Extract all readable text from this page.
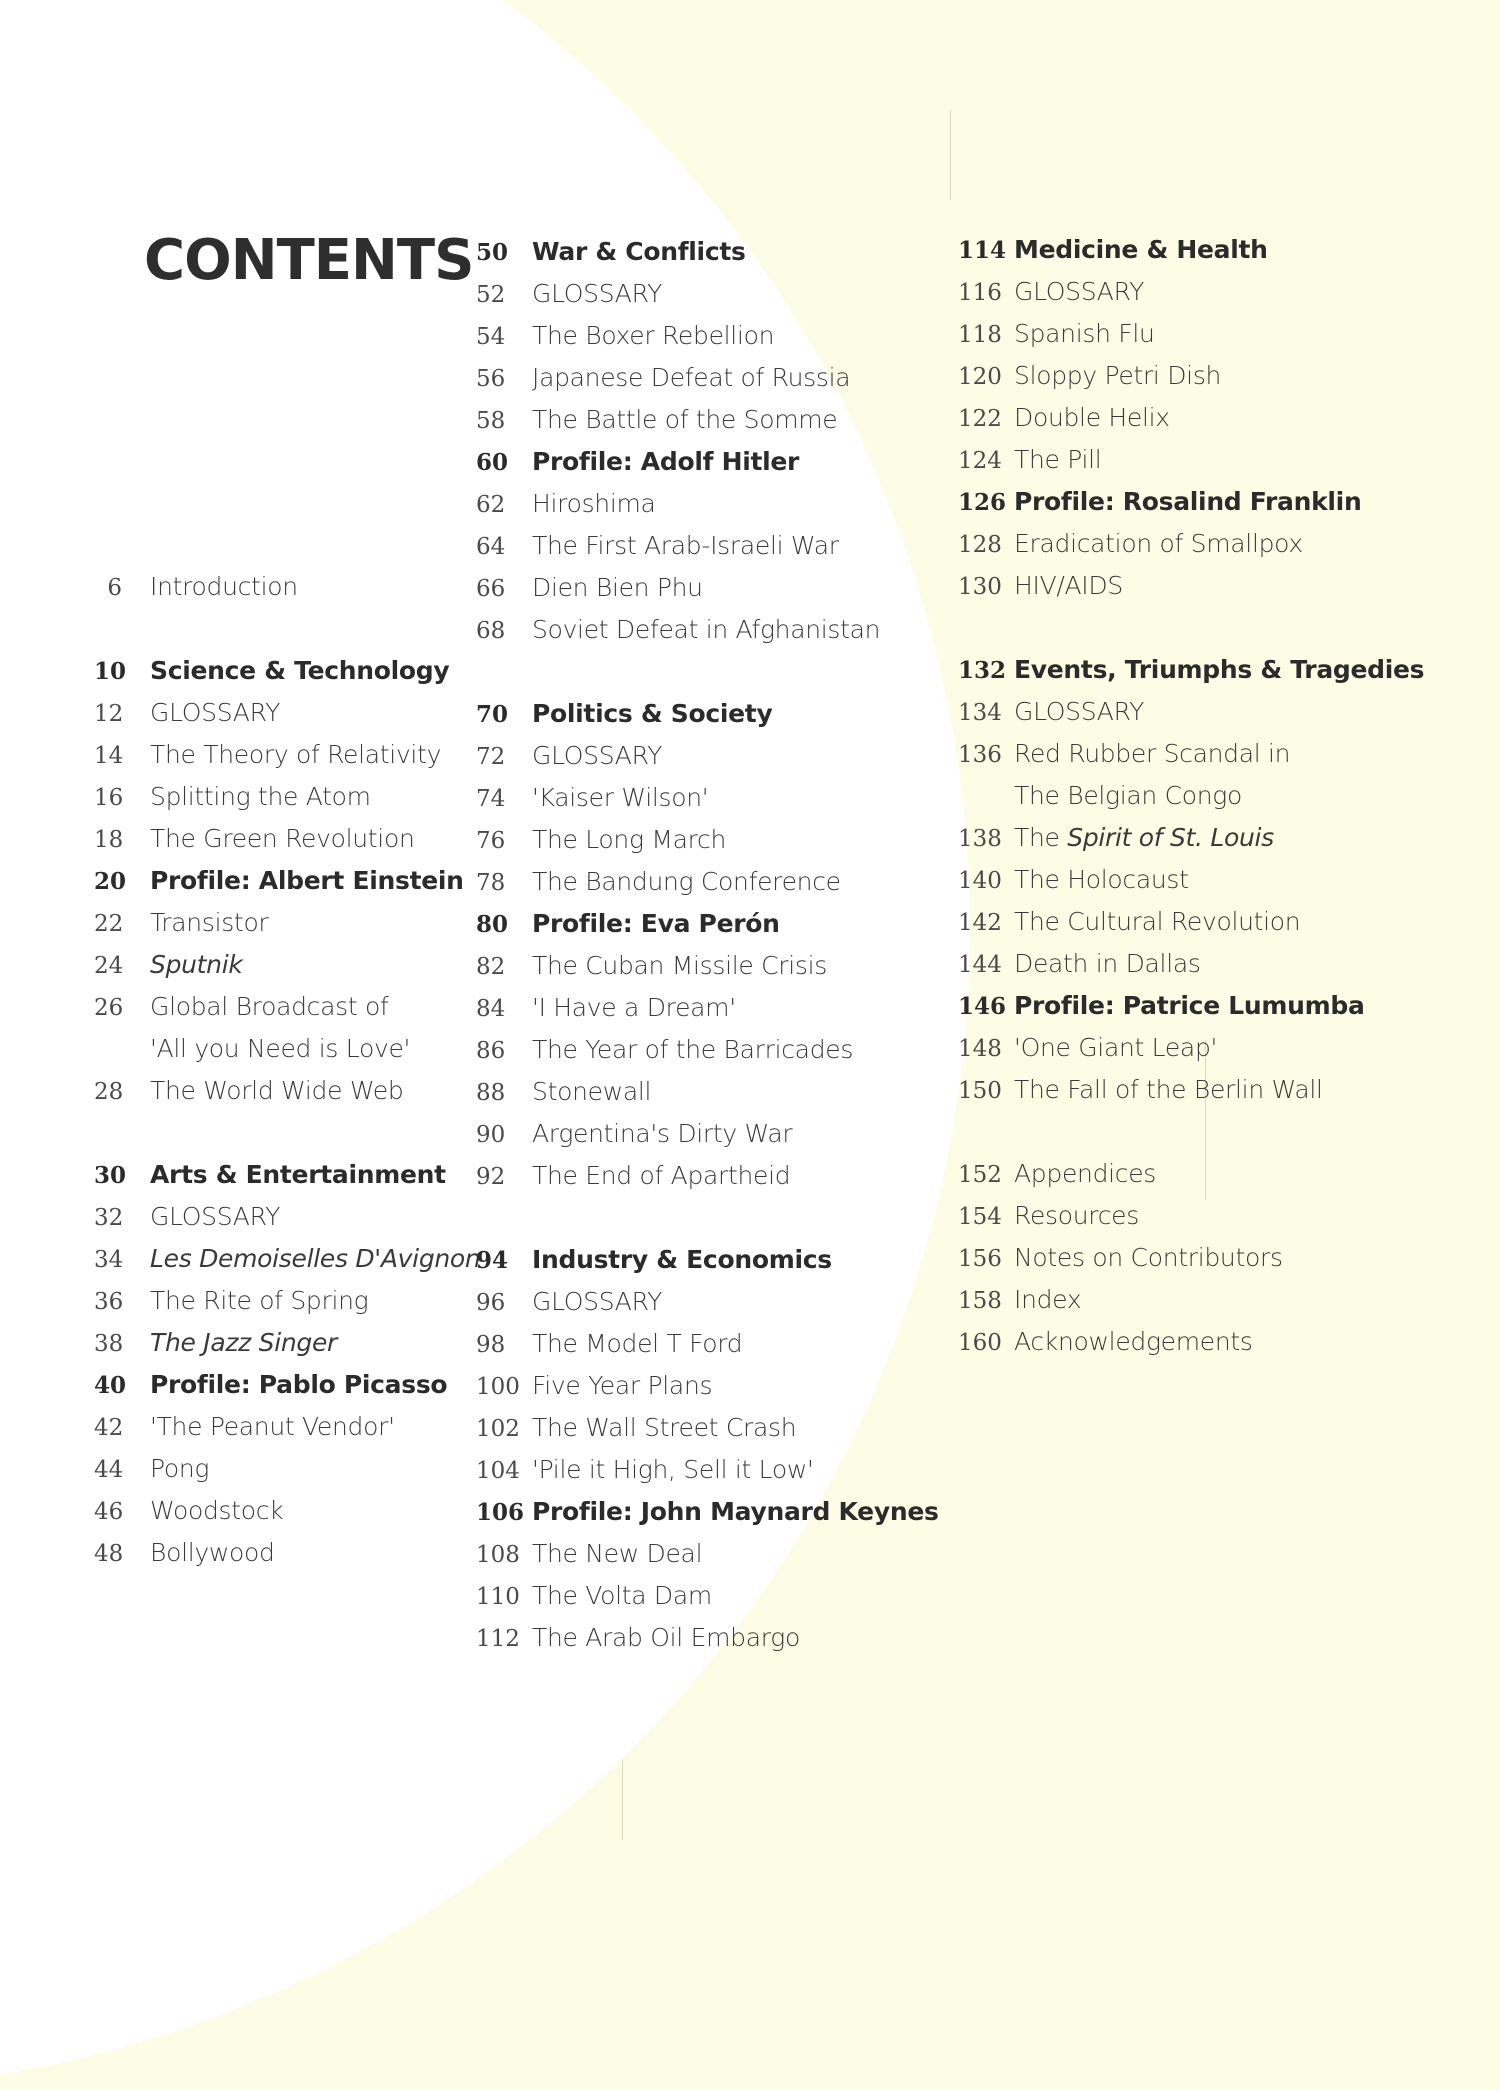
CONTENTS
6 Introduction
10 Science & Technology
12	GLOSSARY
14	The Theory of Relativity
16	Splitting the Atom
18	The Green Revolution
20 Profile: Albert Einstein
22	Transistor
24	Sputnik
26	Global Broadcast of
'All you Need is Love'
28	The World Wide Web
30 Arts & Entertainment
32	GLOSSARY
34	Les Demoiselles D'Avignon
36	The Rite of Spring
38	The Jazz Singer
40 Profile: Pablo Picasso
42	'The Peanut Vendor'
44	Pong
46	Woodstock
48	Bollywood
50 War & Conflicts
52	GLOSSARY
54	The Boxer Rebellion
56	Japanese Defeat of Russia
58	The Battle of the Somme
60 Profile: Adolf Hitler
62	Hiroshima
64	The First Arab-Israeli War
66	Dien Bien Phu
68	Soviet Defeat in Afghanistan
70 Politics & Society
72	GLOSSARY
74	'Kaiser Wilson'
76	The Long March
78	The Bandung Conference
80 Profile: Eva Perón
82	The Cuban Missile Crisis
84	'I Have a Dream'
86	The Year of the Barricades
88	Stonewall
90	Argentina's Dirty War
92	The End of Apartheid
94 Industry & Economics
96	GLOSSARY
98	The Model T Ford
100 Five Year Plans
102 The Wall Street Crash
104 'Pile it High, Sell it Low'
106 Profile: John Maynard Keynes
108 The New Deal
110 The Volta Dam
112 The Arab Oil Embargo
114 Medicine & Health
116 GLOSSARY
118 Spanish Flu
120 Sloppy Petri Dish
122 Double Helix
124 The Pill
126 Profile: Rosalind Franklin
128 Eradication of Smallpox
130 HIV/AIDS
132 Events, Triumphs & Tragedies
134 GLOSSARY
136 Red Rubber Scandal in
The Belgian Congo
138 The Spirit of St. Louis
140 The Holocaust
142 The Cultural Revolution
144 Death in Dallas
146 Profile: Patrice Lumumba
148 'One Giant Leap'
150 The Fall of the Berlin Wall
152 Appendices
154 Resources
156 Notes on Contributors
158 Index
160 Acknowledgements
